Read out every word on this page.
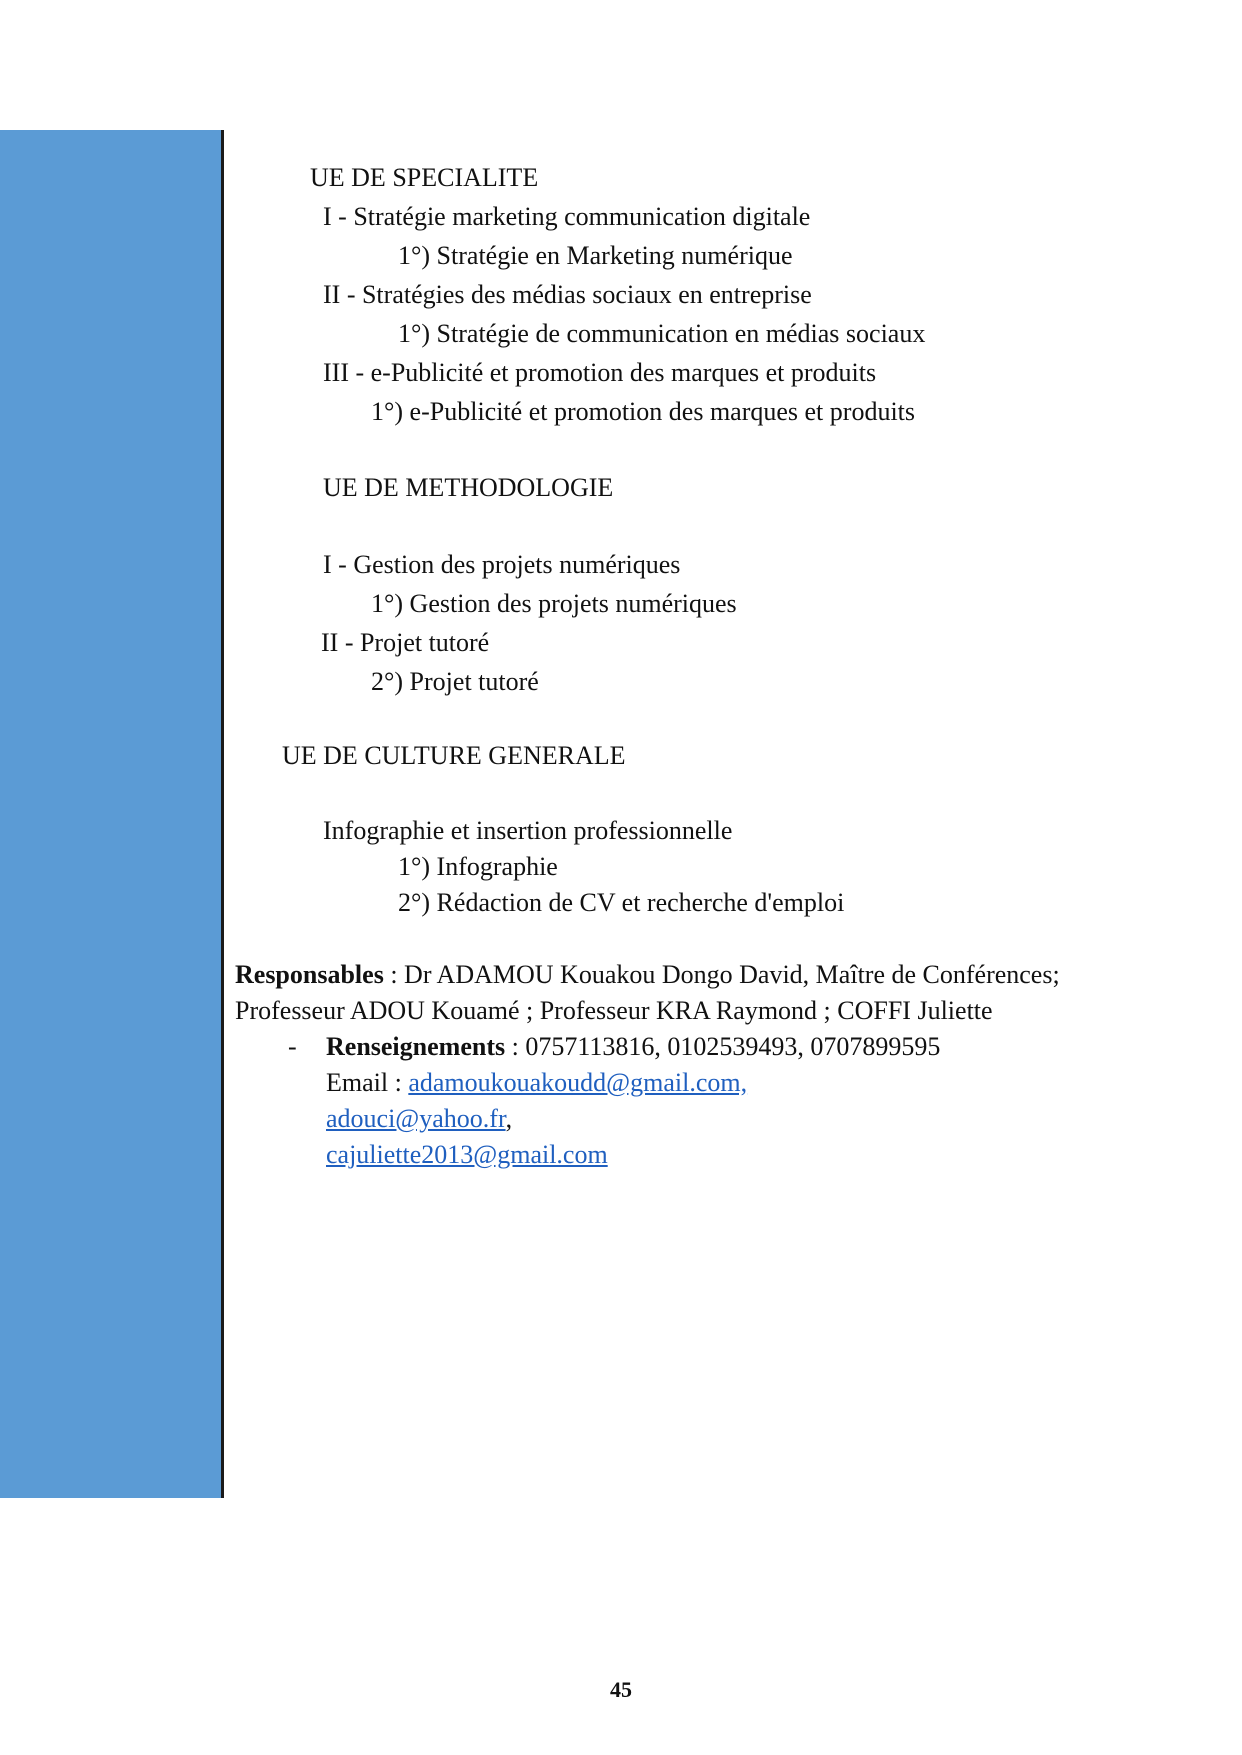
UE DE SPECIALITE
I - Stratégie marketing communication digitale
1°) Stratégie en Marketing numérique
II - Stratégies des médias sociaux en entreprise
1°) Stratégie de communication en médias sociaux
III - e-Publicité et promotion des marques et produits
1°) e-Publicité et promotion des marques et produits
UE DE METHODOLOGIE
I - Gestion des projets numériques
1°) Gestion des projets numériques
II - Projet tutoré
2°) Projet tutoré
UE DE CULTURE GENERALE
Infographie et insertion professionnelle
1°) Infographie
2°) Rédaction de CV et recherche d'emploi
Responsables : Dr ADAMOU Kouakou Dongo David, Maître de Conférences;
Professeur ADOU Kouamé ; Professeur KRA Raymond ; COFFI Juliette
- Renseignements : 0757113816, 0102539493, 0707899595
Email : adamoukouakoudd@gmail.com,
adouci@yahoo.fr,
cajuliette2013@gmail.com
45
